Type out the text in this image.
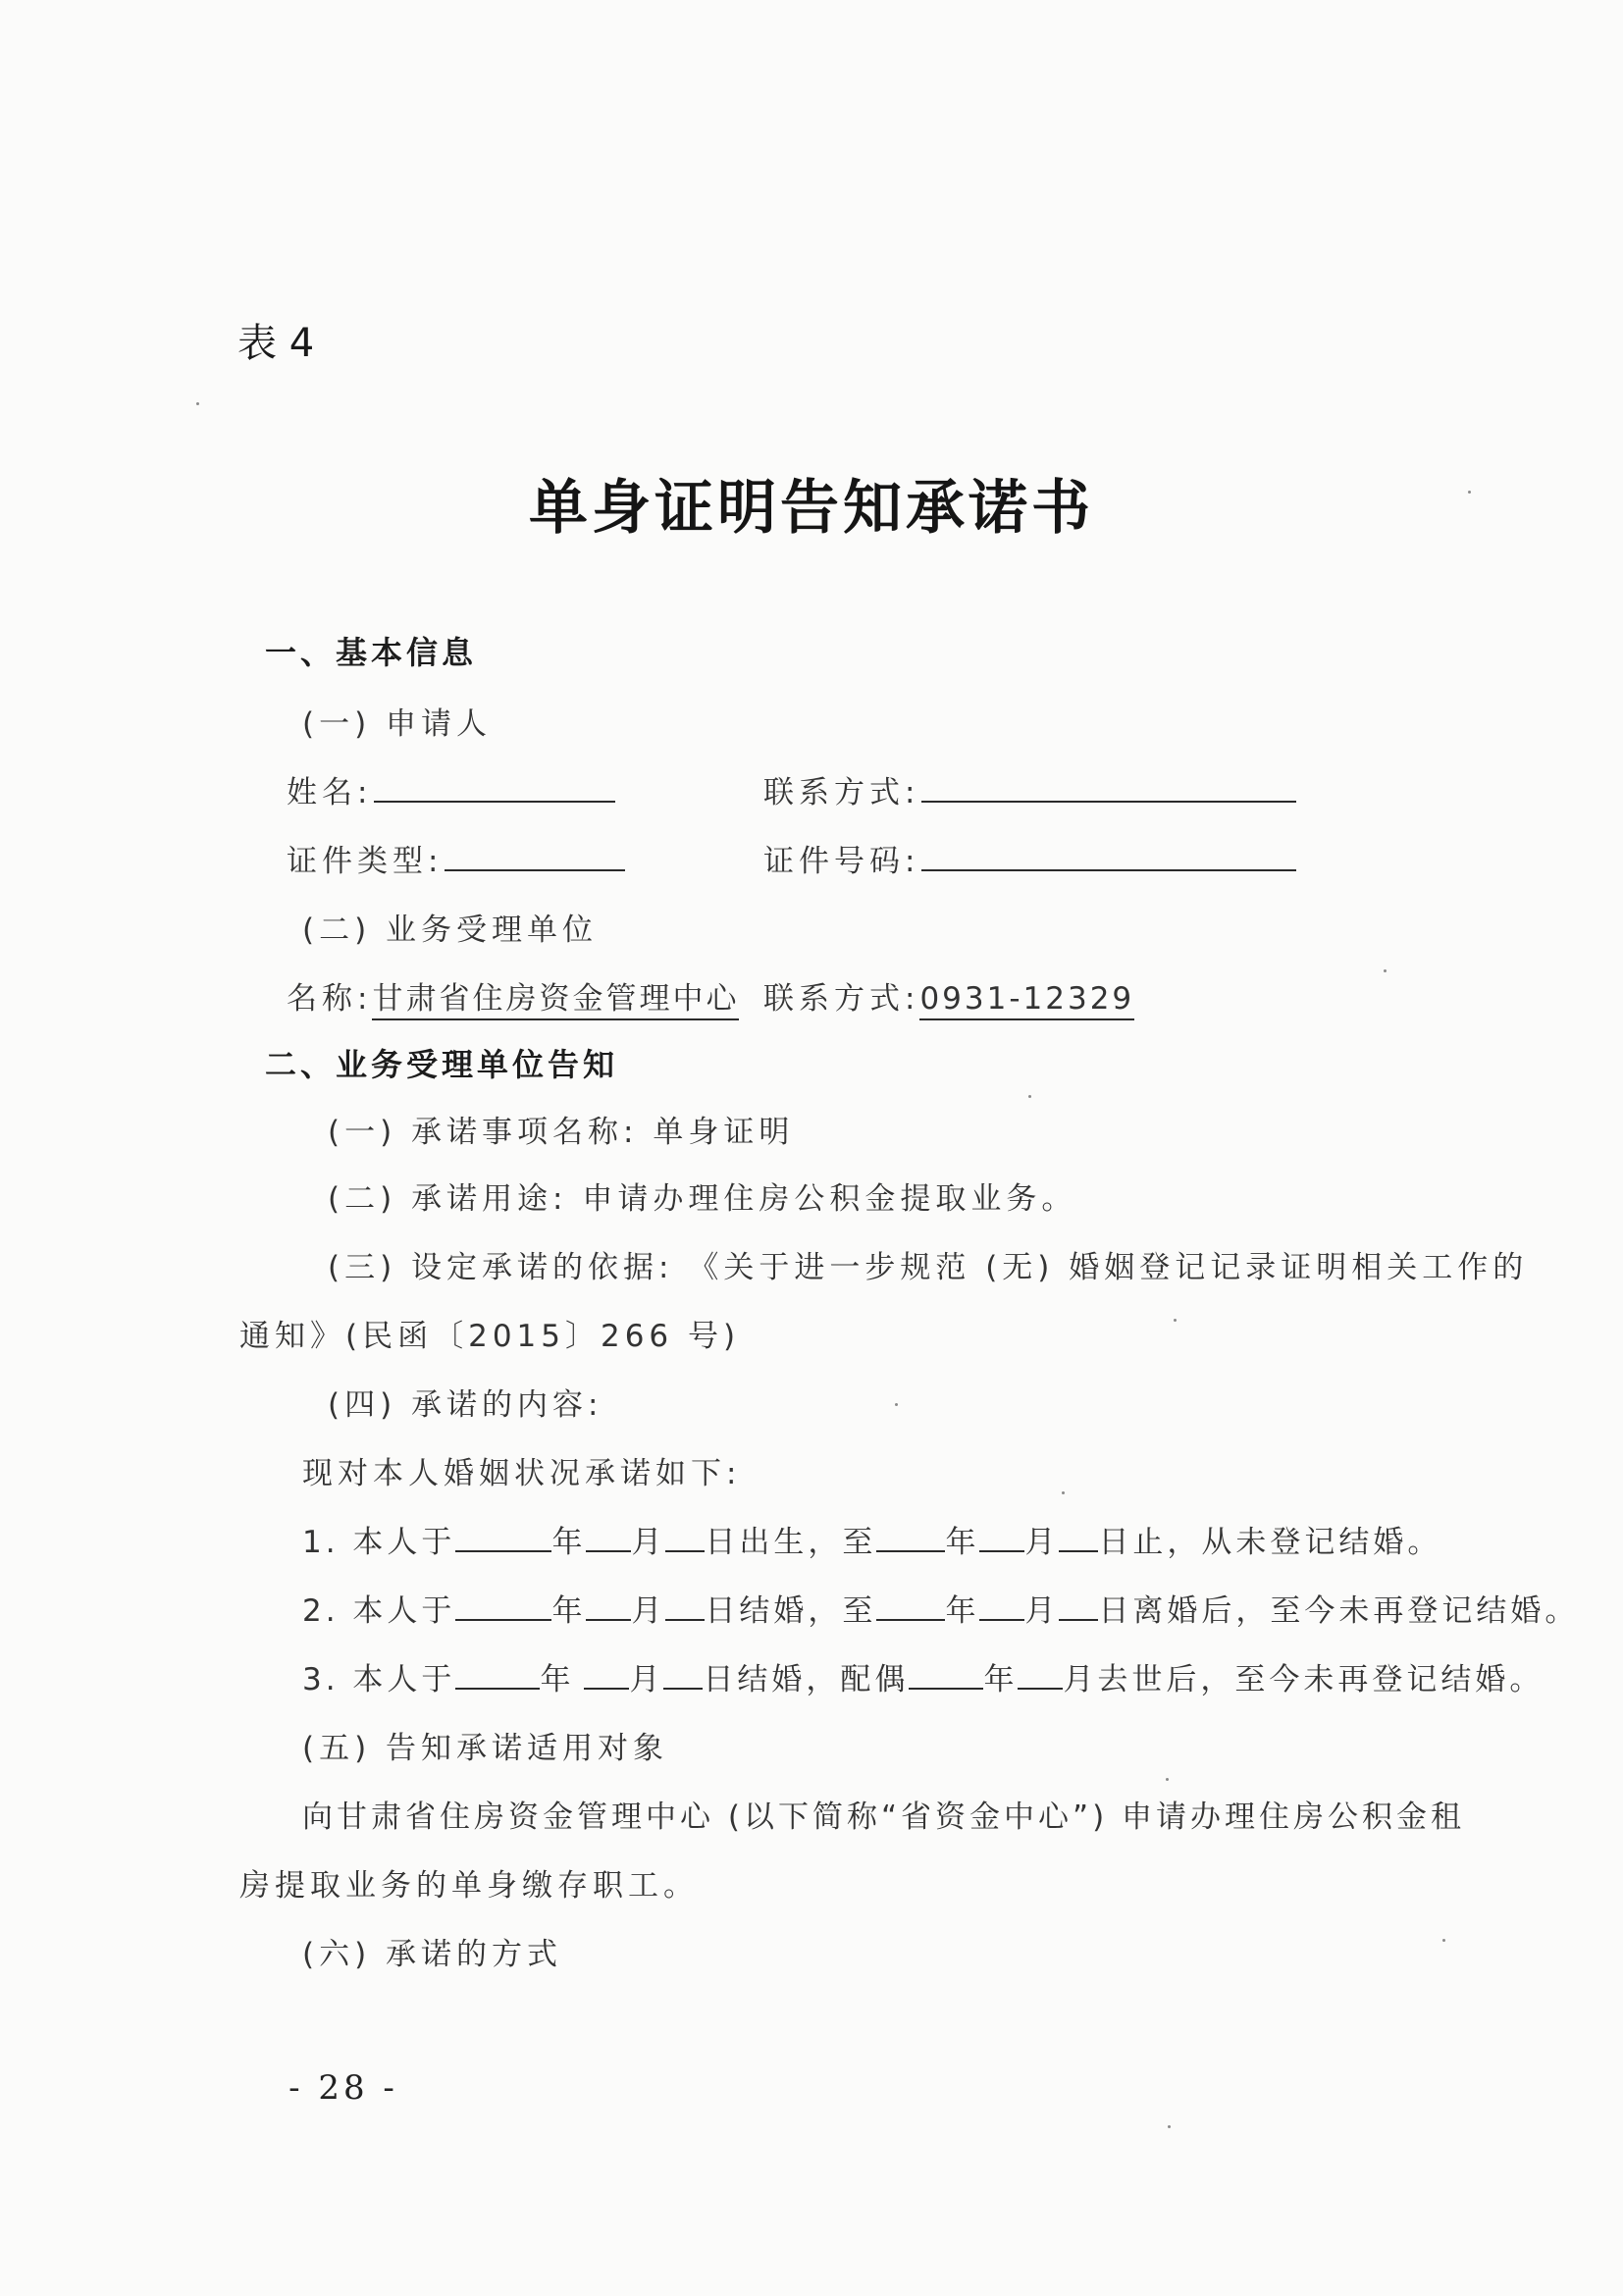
表 4
单身证明告知承诺书
一、基本信息
(一) 申请人
姓名:	联系方式:
证件类型:	证件号码:
(二) 业务受理单位
名称:甘肃省住房资金管理中心 联系方式:0931-12329
二、业务受理单位告知
(一) 承诺事项名称: 单身证明
(二) 承诺用途: 申请办理住房公积金提取业务。
(三) 设定承诺的依据: 《关于进一步规范 (无) 婚姻登记记录证明相关工作的
通知》(民函〔2015〕266 号)
(四) 承诺的内容:
现对本人婚姻状况承诺如下:
1. 本人于	年 月 日出生，至 年 月 日止，从未登记结婚。
2. 本人于	年 月 日结婚，至 年 月 日离婚后，至今未再登记结婚。
3. 本人于	年 月 日结婚，配偶 年 月去世后，至今未再登记结婚。
(五) 告知承诺适用对象
向甘肃省住房资金管理中心 (以下简称“省资金中心”) 申请办理住房公积金租
房提取业务的单身缴存职工。
(六) 承诺的方式
- 28 -
